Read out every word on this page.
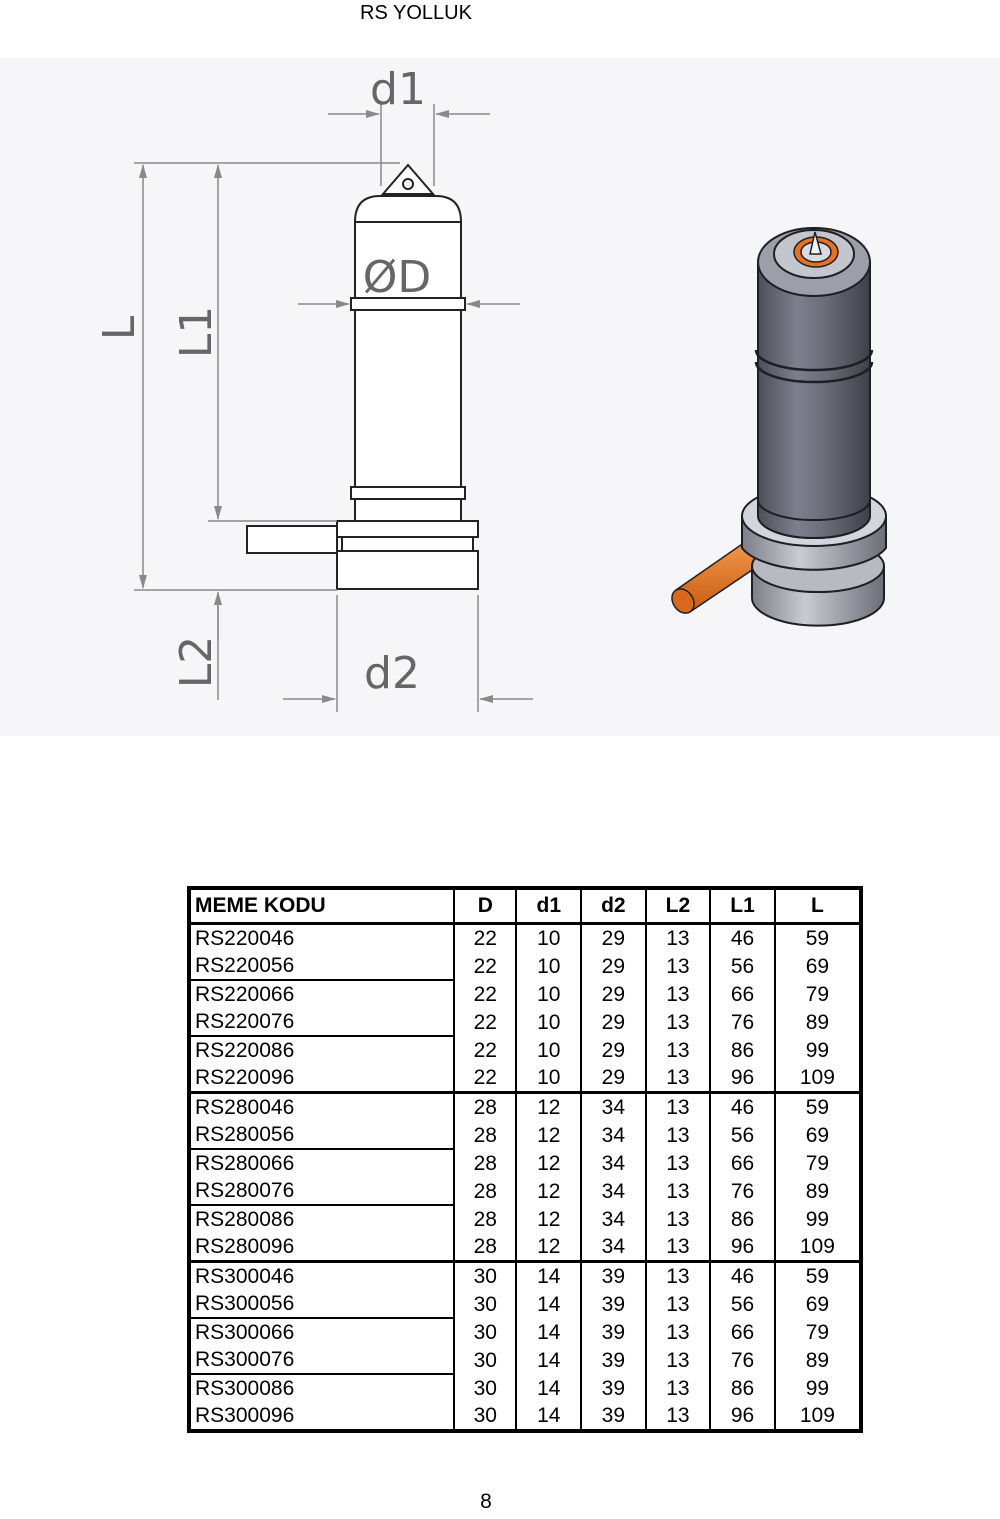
RS YOLLUK
d1
ØD
d2
L L1
L2
MEME KODU	D	d1	d2	L2	L1	L
RS220046	22	10	29	13	46	59
RS220056	22	10	29	13	56	69
RS220066	22	10	29	13	66	79
RS220076	22	10	29	13	76	89
RS220086	22	10	29	13	86	99
RS220096	22	10	29	13	96	109
RS280046	28	12	34	13	46	59
RS280056	28	12	34	13	56	69
RS280066	28	12	34	13	66	79
RS280076	28	12	34	13	76	89
RS280086	28	12	34	13	86	99
RS280096	28	12	34	13	96	109
RS300046	30	14	39	13	46	59
RS300056	30	14	39	13	56	69
RS300066	30	14	39	13	66	79
RS300076	30	14	39	13	76	89
RS300086	30	14	39	13	86	99
RS300096	30	14	39	13	96	109
8
